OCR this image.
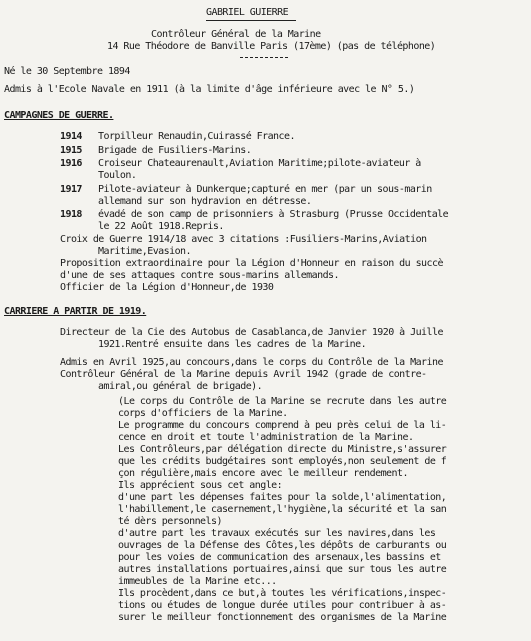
GABRIEL GUIERRE
Contrôleur Général de la Marine
14 Rue Théodore de Banville Paris (17ème) (pas de téléphone)
Né le 30 Septembre 1894
Admis à l'Ecole Navale en 1911 (à la limite d'âge inférieure avec le N° 5.)
CAMPAGNES DE GUERRE.
1914 Torpilleur Renaudin,Cuirassé France.
1915 Brigade de Fusiliers-Marins.
1916 Croiseur Chateaurenault,Aviation Maritime;pilote-aviateur à
Toulon.
1917 Pilote-aviateur à Dunkerque;capturé en mer (par un sous-marin
allemand sur son hydravion en détresse.
1918 évadé de son camp de prisonniers à Strasburg (Prusse Occidentale
le 22 Août 1918.Repris.
Croix de Guerre 1914/18 avec 3 citations :Fusiliers-Marins,Aviation
Maritime,Evasion.
Proposition extraordinaire pour la Légion d'Honneur en raison du succè
d'une de ses attaques contre sous-marins allemands.
Officier de la Légion d'Honneur,de 1930
CARRIERE A PARTIR DE 1919.
Directeur de la Cie des Autobus de Casablanca,de Janvier 1920 à Juille
1921.Rentré ensuite dans les cadres de la Marine.
Admis en Avril 1925,au concours,dans le corps du Contrôle de la Marine
Contrôleur Général de la Marine depuis Avril 1942 (grade de contre-
amiral,ou général de brigade).
(Le corps du Contrôle de la Marine se recrute dans les autre
corps d'officiers de la Marine.
Le programme du concours comprend à peu près celui de la li-
cence en droit et toute l'administration de la Marine.
Les Contrôleurs,par délégation directe du Ministre,s'assurer
que les crédits budgétaires sont employés,non seulement de f
çon régulière,mais encore avec le meilleur rendement.
Ils apprécient sous cet angle:
d'une part les dépenses faites pour la solde,l'alimentation,
l'habillement,le casernement,l'hygiène,la sécurité et la san
té dèrs personnels)
d'autre part les travaux exécutés sur les navires,dans les
ouvrages de la Défense des Côtes,les dépôts de carburants ou
pour les voies de communication des arsenaux,les bassins et
autres installations portuaires,ainsi que sur tous les autre
immeubles de la Marine etc...
Ils procèdent,dans ce but,à toutes les vérifications,inspec-
tions ou études de longue durée utiles pour contribuer à as-
surer le meilleur fonctionnement des organismes de la Marine
